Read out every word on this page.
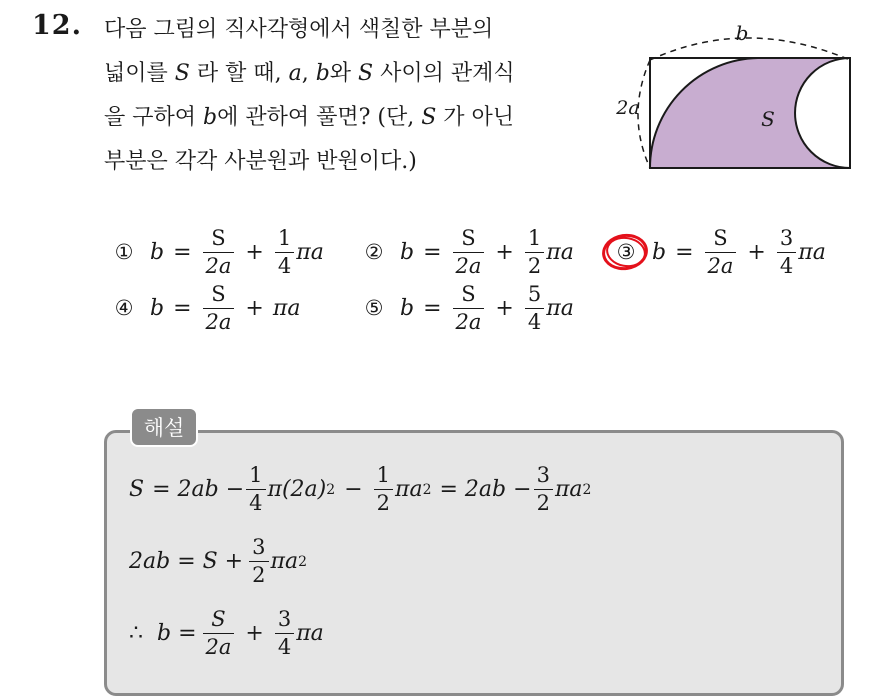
12. 다음 그림의 직사각형에서 색칠한 부분의
넓이를 S 라 할 때, a, b와 S 사이의 관계식
을 구하여 b에 관하여 풀면? (단, S 가 아닌
부분은 각각 사분원과 반원이다.)
b
2a	S
① $b = \frac{S}{2a} + \frac{1}{4}$ πa ② $b = \frac{S}{2a} + \frac{1}{2}$ πa ③ $b = \frac{S}{2a} + \frac{3}{4}$ πa
④ $b = \frac{S}{2a} + \pi a$	⑤ $b = \frac{S}{2a} + \frac{5}{4}$ πa
해설
$S = 2ab - \frac{1}{4} \pi(2a) 2 - \frac{1}{2}$ πa $2 = 2ab - \frac{3}{2}$ πa 2
$2ab = S + \frac{3}{2}$ πa 2
∴ $b = \frac{S}{2a} + \frac{3}{4}$ πa
